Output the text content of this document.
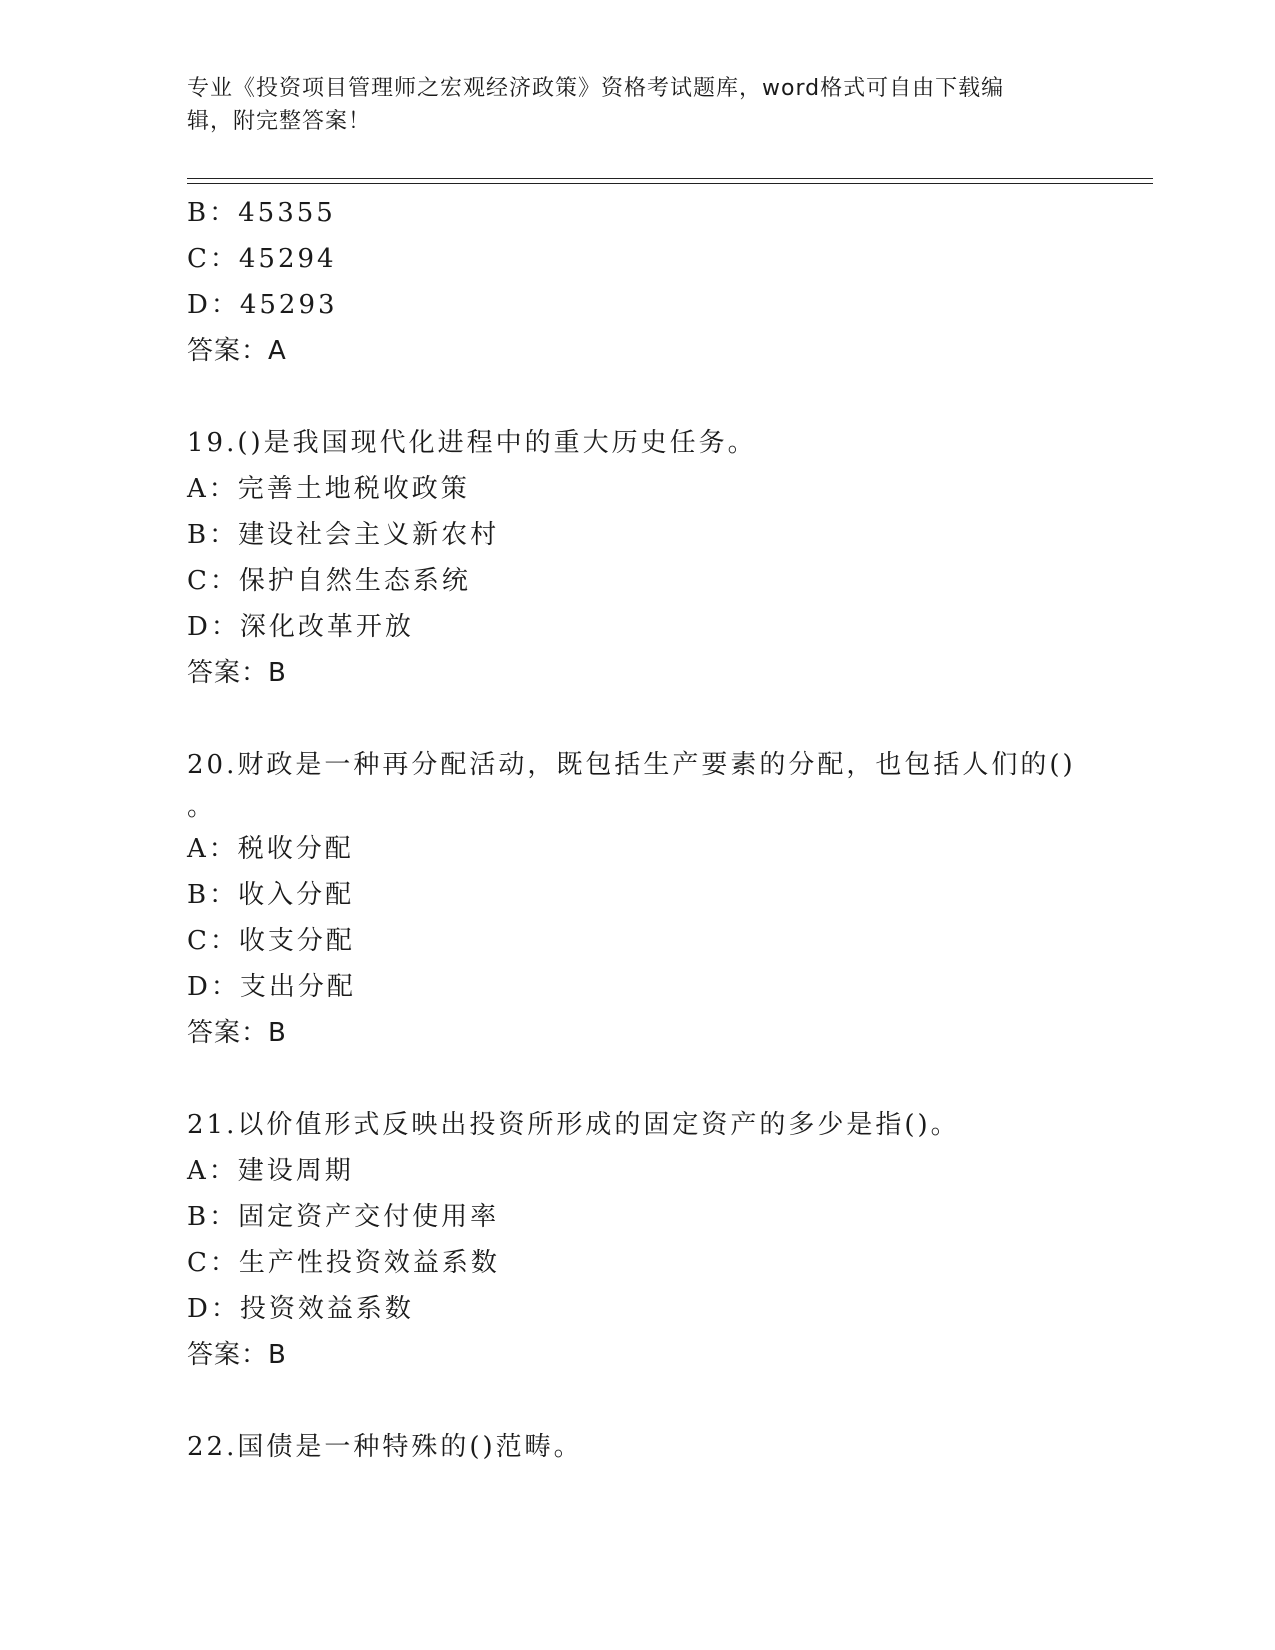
专业《投资项目管理师之宏观经济政策》资格考试题库，word格式可自由下载编
辑，附完整答案！
B：45355
C：45294
D：45293
答案：A
19.()是我国现代化进程中的重大历史任务。
A：完善土地税收政策
B：建设社会主义新农村
C：保护自然生态系统
D：深化改革开放
答案：B
20.财政是一种再分配活动，既包括生产要素的分配，也包括人们的()
。
A：税收分配
B：收入分配
C：收支分配
D：支出分配
答案：B
21.以价值形式反映出投资所形成的固定资产的多少是指()。
A：建设周期
B：固定资产交付使用率
C：生产性投资效益系数
D：投资效益系数
答案：B
22.国债是一种特殊的()范畴。
